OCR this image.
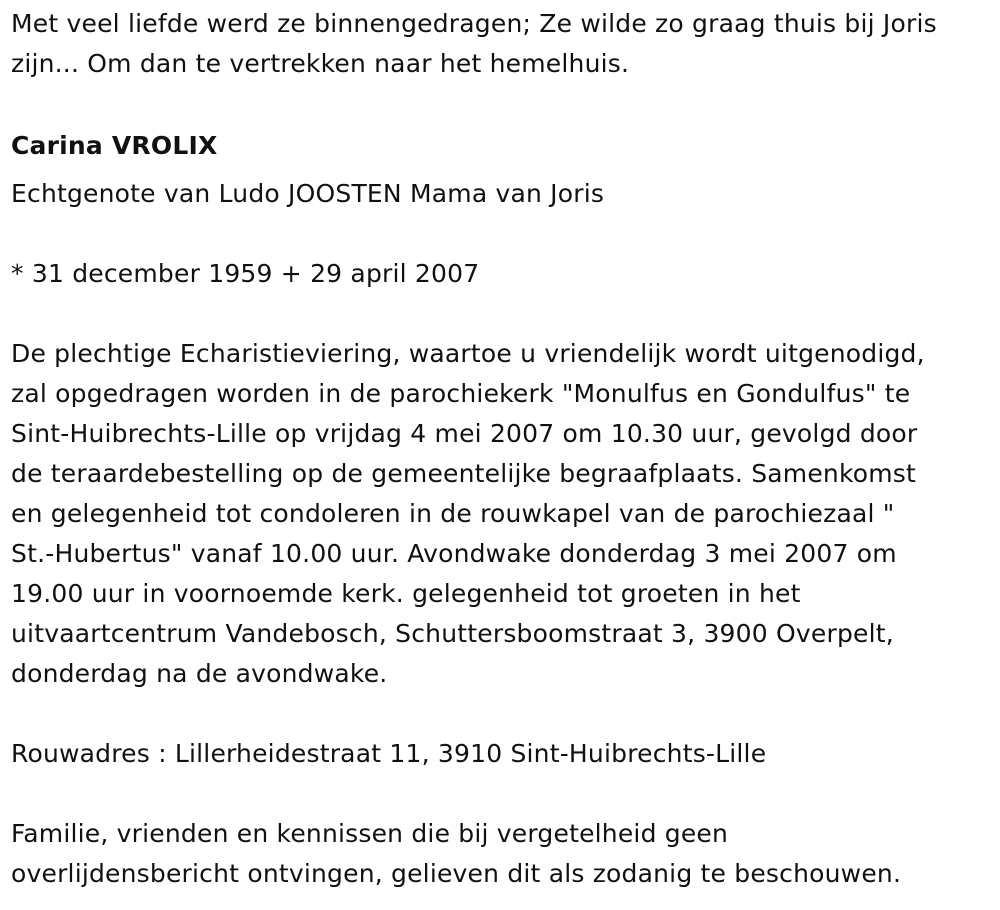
Met veel liefde werd ze binnengedragen; Ze wilde zo graag thuis bij Joris
zijn... Om dan te vertrekken naar het hemelhuis.

Carina VROLIX

Echtgenote van Ludo JOOSTEN Mama van Joris

* 31 december 1959 + 29 april 2007

De plechtige Echaristieviering, waartoe u vriendelijk wordt uitgenodigd,
zal opgedragen worden in de parochiekerk "Monulfus en Gondulfus" te
Sint-Huibrechts-Lille op vrijdag 4 mei 2007 om 10.30 uur, gevolgd door
de teraardebestelling op de gemeentelijke begraafplaats. Samenkomst
en gelegenheid tot condoleren in de rouwkapel van de parochiezaal "
St.-Hubertus" vanaf 10.00 uur. Avondwake donderdag 3 mei 2007 om
19.00 uur in voornoemde kerk. gelegenheid tot groeten in het
uitvaartcentrum Vandebosch, Schuttersboomstraat 3, 3900 Overpelt,
donderdag na de avondwake.

Rouwadres : Lillerheidestraat 11, 3910 Sint-Huibrechts-Lille

Familie, vrienden en kennissen die bij vergetelheid geen
overlijdensbericht ontvingen, gelieven dit als zodanig te beschouwen.
